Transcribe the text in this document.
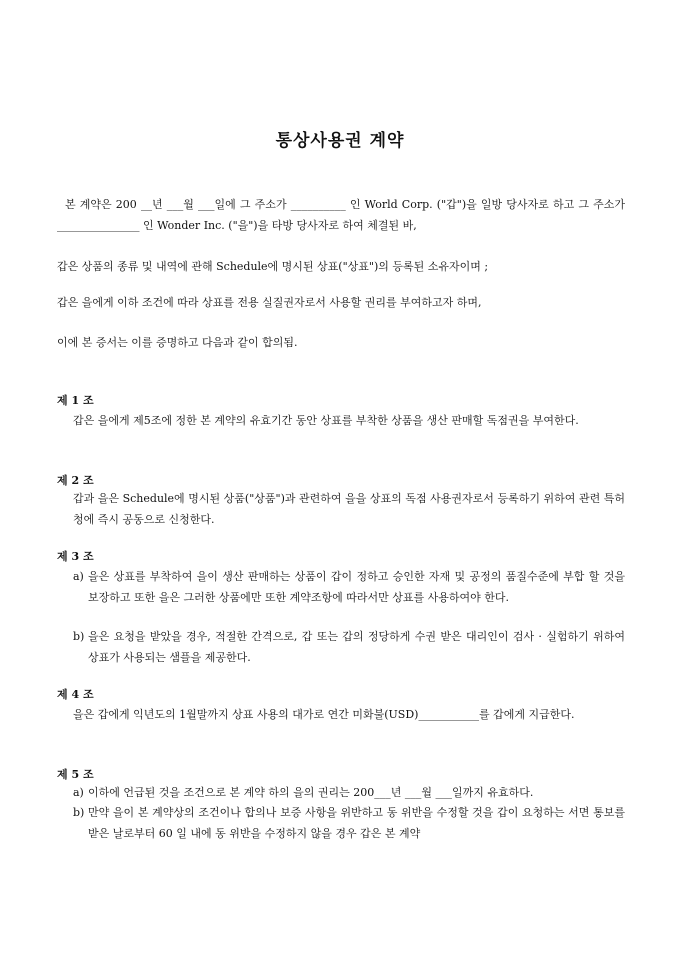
통상사용권 계약
본 계약은 200 __년 ___월 ___일에 그 주소가 __________ 인 World Corp. ("갑")을 일방 당사자로 하고 그 주소가 _______________ 인 Wonder Inc. ("을")을 타방 당사자로 하여 체결된 바,
갑은 상품의 종류 및 내역에 관해 Schedule에 명시된 상표("상표")의 등록된 소유자이며 ;
갑은 을에게 이하 조건에 따라 상표를 전용 실질권자로서 사용할 권리를 부여하고자 하며,
이에 본 증서는 이를 증명하고 다음과 같이 합의됨.
제 1 조
갑은 을에게 제5조에 정한 본 계약의 유효기간 동안 상표를 부착한 상품을 생산 판매할 독점권을 부여한다.
제 2 조
갑과 을은 Schedule에 명시된 상품("상품")과 관련하여 을을 상표의 독점 사용권자로서 등록하기 위하여 관련 특허청에 즉시 공동으로 신청한다.
제 3 조
a) 을은 상표를 부착하여 을이 생산 판매하는 상품이 갑이 정하고 승인한 자재 및 공정의 품질수준에 부합 할 것을 보장하고 또한 을은 그러한 상품에만 또한 계약조항에 따라서만 상표를 사용하여야 한다.
b) 을은 요청을 받았을 경우, 적절한 간격으로, 갑 또는 갑의 정당하게 수권 받은 대리인이 검사 · 실험하기 위하여 상표가 사용되는 샘플을 제공한다.
제 4 조
을은 갑에게 익년도의 1월말까지 상표 사용의 대가로 연간 미화불(USD)___________를 갑에게 지급한다.
제 5 조
a) 이하에 언급된 것을 조건으로 본 계약 하의 을의 권리는 200___년 ___월 ___일까지 유효하다.
b) 만약 을이 본 계약상의 조건이나 합의나 보증 사항을 위반하고 동 위반을 수정할 것을 갑이 요청하는 서면 통보를 받은 날로부터 60 일 내에 동 위반을 수정하지 않을 경우 갑은 본 계약
